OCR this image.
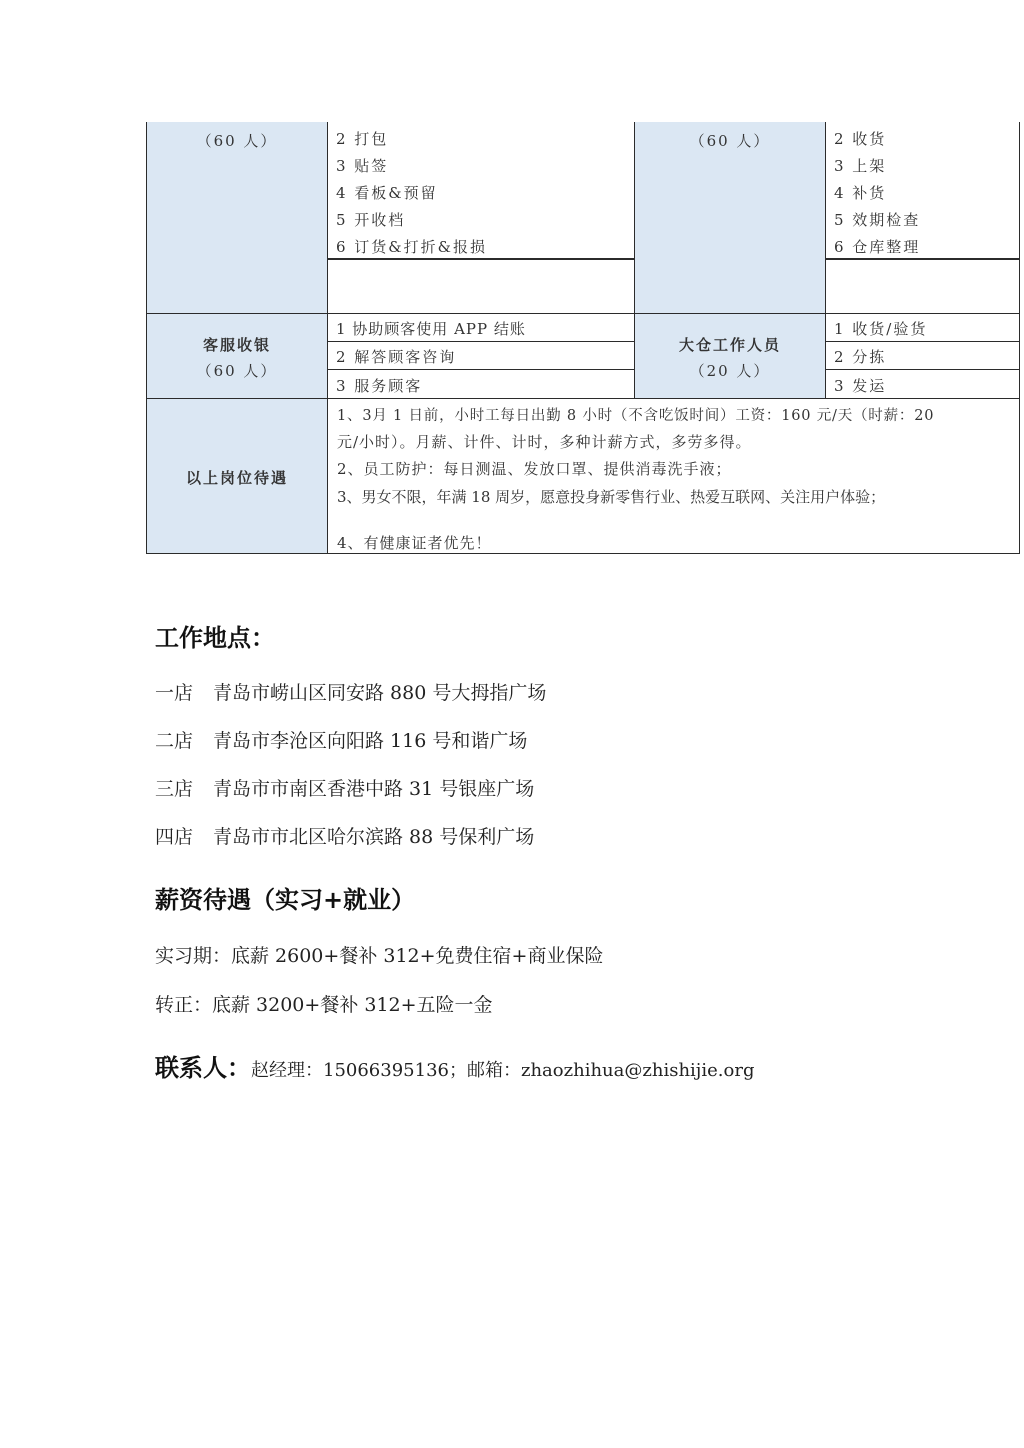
（60 人）	2 打包
3 贴签
4 看板&预留
5 开收档
6 订货&打折&报损
（60 人）	2 收货
3 上架
4 补货
5 效期检查
6 仓库整理
客服收银
（60 人）
1 协助顾客使用 APP 结账
2 解答顾客咨询
3 服务顾客
大仓工作人员
（20 人）
1 收货/验货
2 分拣
3 发运
以上岗位待遇
1、3月 1 日前，小时工每日出勤 8 小时（不含吃饭时间）工资：160 元/天（时薪：20
元/小时）。月薪、计件、计时，多种计薪方式，多劳多得。
2、员工防护：每日测温、发放口罩、提供消毒洗手液；
3、男女不限，年满 18 周岁，愿意投身新零售行业、热爱互联网、关注用户体验；
4、有健康证者优先！
工作地点：
一店 青岛市崂山区同安路 880 号大拇指广场
二店 青岛市李沧区向阳路 116 号和谐广场
三店 青岛市市南区香港中路 31 号银座广场
四店 青岛市市北区哈尔滨路 88 号保利广场
薪资待遇（实习+就业）
实习期：底薪 2600+餐补 312+免费住宿+商业保险
转正：底薪 3200+餐补 312+五险一金
联系人：赵经理：15066395136；邮箱：zhaozhihua@zhishijie.org
